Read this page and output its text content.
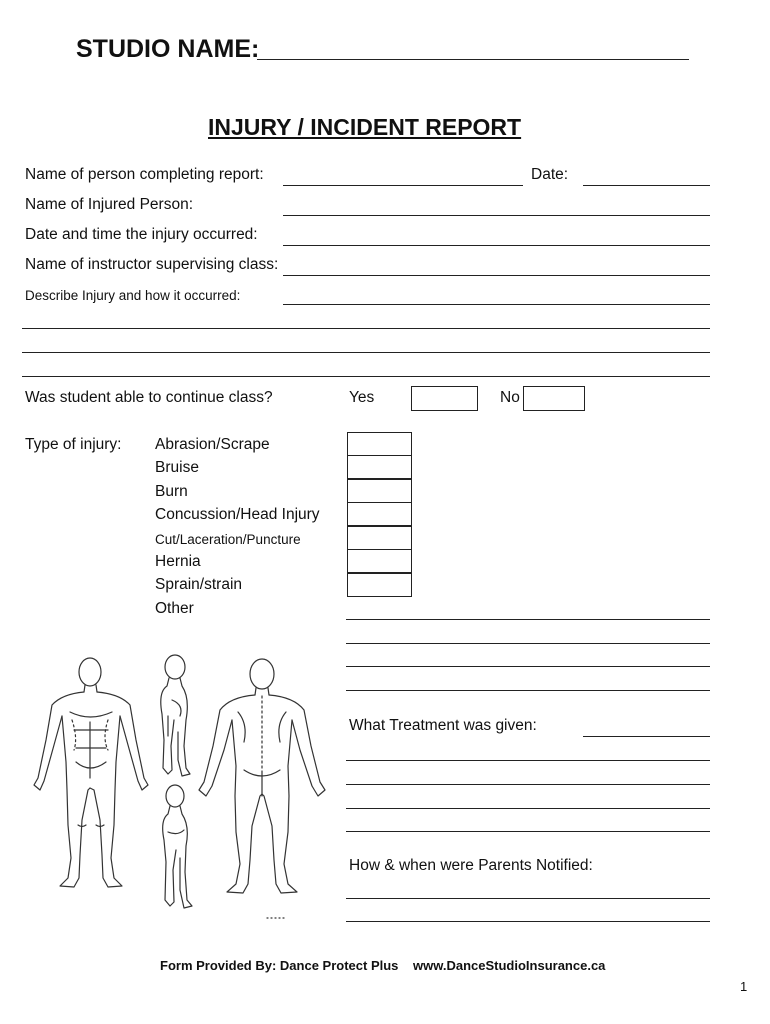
STUDIO NAME:
INJURY / INCIDENT REPORT
Name of person completing report:	Date:
Name of Injured Person:
Date and time the injury occurred:
Name of instructor supervising class:
Describe Injury and how it occurred:
Was student able to continue class?	Yes	No
Type of injury: Abrasion/Scrape
Bruise
Burn
Concussion/Head Injury
Cut/Laceration/Puncture
Hernia
Sprain/strain
Other
What Treatment was given:
How & when were Parents Notified:
Form Provided By: Dance Protect Plus www.DanceStudioInsurance.ca
1
